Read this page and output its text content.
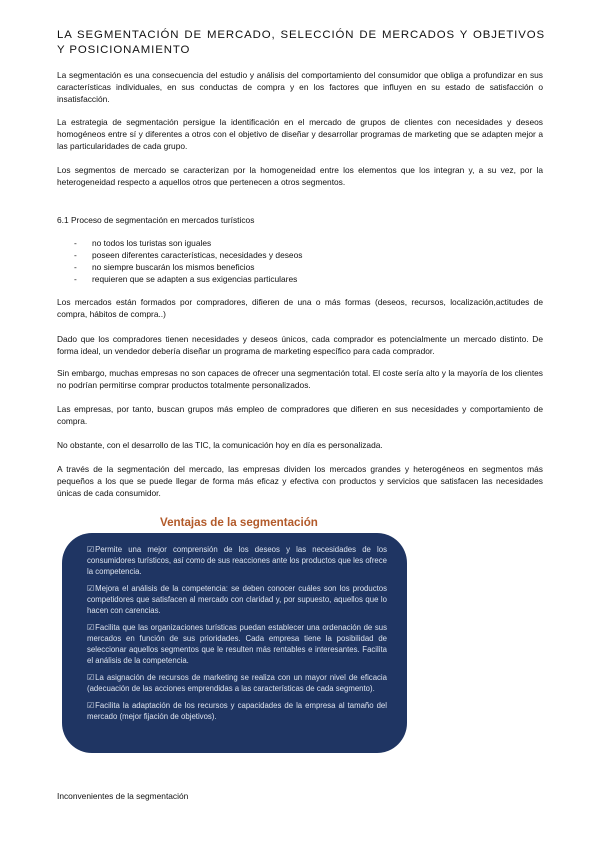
LA SEGMENTACIÓN DE MERCADO, SELECCIÓN DE MERCADOS Y OBJETIVOS Y POSICIONAMIENTO

La segmentación es una consecuencia del estudio y análisis del comportamiento del consumidor que obliga a profundizar en sus características individuales, en sus conductas de compra y en los factores que influyen en su estado de satisfacción o insatisfacción.

La estrategia de segmentación persigue la identificación en el mercado de grupos de clientes con necesidades y deseos homogéneos entre sí y diferentes a otros con el objetivo de diseñar y desarrollar programas de marketing que se adapten mejor a las particularidades de cada grupo.

Los segmentos de mercado se caracterizan por la homogeneidad entre los elementos que los integran y, a su vez, por la heterogeneidad respecto a aquellos otros que pertenecen a otros segmentos.

6.1 Proceso de segmentación en mercados turísticos

- no todos los turistas son iguales
- poseen diferentes características, necesidades y deseos
- no siempre buscarán los mismos beneficios
- requieren que se adapten a sus exigencias particulares

Los mercados están formados por compradores, difieren de una o más formas (deseos, recursos, localización,actitudes de compra, hábitos de compra..)

Dado que los compradores tienen necesidades y deseos únicos, cada comprador es potencialmente un mercado distinto. De forma ideal, un vendedor debería diseñar un programa de marketing específico para cada comprador.

Sin embargo, muchas empresas no son capaces de ofrecer una segmentación total. El coste sería alto y la mayoría de los clientes no podrían permitirse comprar productos totalmente personalizados.

Las empresas, por tanto, buscan grupos más empleo de compradores que difieren en sus necesidades y comportamiento de compra.

No obstante, con el desarrollo de las TIC, la comunicación hoy en día es personalizada.

A través de la segmentación del mercado, las empresas dividen los mercados grandes y heterogéneos en segmentos más pequeños a los que se puede llegar de forma más eficaz y efectiva con productos y servicios que satisfacen las necesidades únicas de cada consumidor.

Ventajas de la segmentación

☑Permite una mejor comprensión de los deseos y las necesidades de los consumidores turísticos, así como de sus reacciones ante los productos que les ofrece la competencia.

☑Mejora el análisis de la competencia: se deben conocer cuáles son los productos competidores que satisfacen al mercado con claridad y, por supuesto, aquellos que lo hacen con carencias.

☑Facilita que las organizaciones turísticas puedan establecer una ordenación de sus mercados en función de sus prioridades. Cada empresa tiene la posibilidad de seleccionar aquellos segmentos que le resulten más rentables e interesantes. Facilita el análisis de la competencia.

☑La asignación de recursos de marketing se realiza con un mayor nivel de eficacia (adecuación de las acciones emprendidas a las características de cada segmento).

☑Facilita la adaptación de los recursos y capacidades de la empresa al tamaño del mercado (mejor fijación de objetivos).

Inconvenientes de la segmentación
